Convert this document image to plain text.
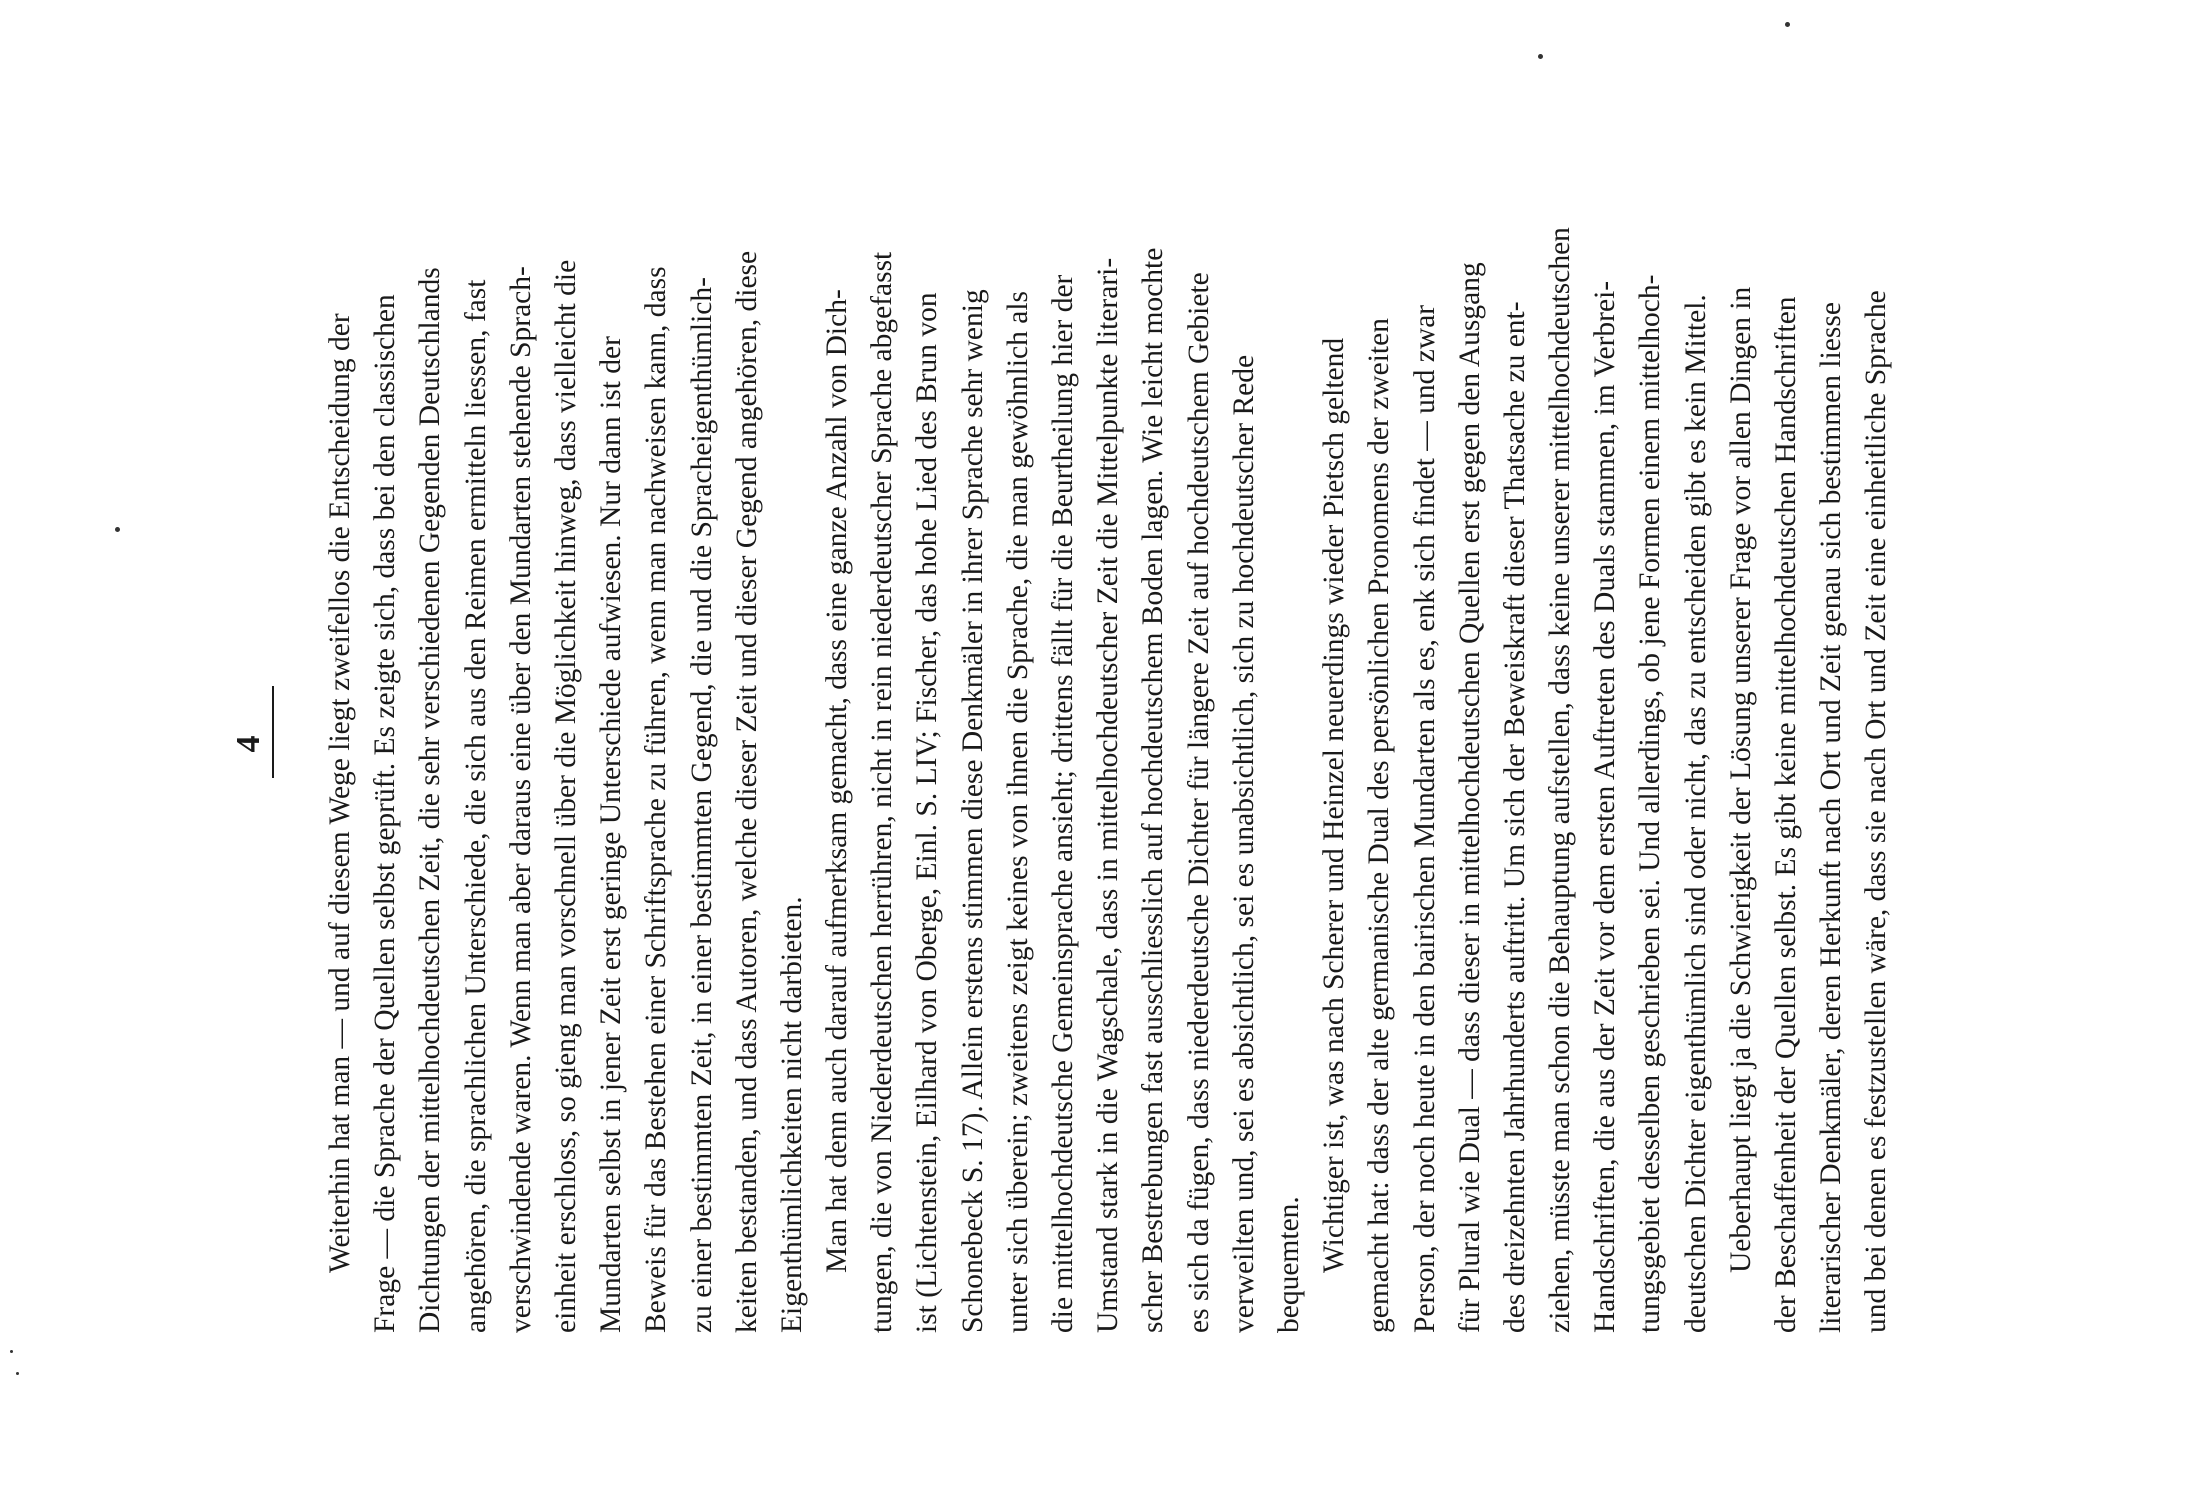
4 Weiterhin hat man — und auf diesem Wege liegt zweifellos die Entscheidung der Frage — die Sprache der Quellen selbst geprüft. Es zeigte sich, dass bei den classischen Dichtungen der mittelhochdeutschen Zeit, die sehr verschiedenen Gegenden Deutschlands angehören, die sprachlichen Unterschiede, die sich aus den Reimen ermitteln liessen, fast verschwindende waren. Wenn man aber daraus eine über den Mundarten stehende Sprach- einheit erschloss, so gieng man vorschnell über die Möglichkeit hinweg, dass vielleicht die Mundarten selbst in jener Zeit erst geringe Unterschiede aufwiesen. Nur dann ist der Beweis für das Bestehen einer Schriftsprache zu führen, wenn man nachweisen kann, dass zu einer bestimmten Zeit, in einer bestimmten Gegend, die und die Spracheigenthümlich- keiten bestanden, und dass Autoren, welche dieser Zeit und dieser Gegend angehören, diese Eigenthümlichkeiten nicht darbieten. Man hat denn auch darauf aufmerksam gemacht, dass eine ganze Anzahl von Dich- tungen, die von Niederdeutschen herrühren, nicht in rein niederdeutscher Sprache abgefasst ist (Lichtenstein, Eilhard von Oberge, Einl. S. LIV; Fischer, das hohe Lied des Brun von Schonebeck S. 17). Allein erstens stimmen diese Denkmäler in ihrer Sprache sehr wenig unter sich überein; zweitens zeigt keines von ihnen die Sprache, die man gewöhnlich als die mittelhochdeutsche Gemeinsprache ansieht; drittens fällt für die Beurtheilung hier der Umstand stark in die Wagschale, dass in mittelhochdeutscher Zeit die Mittelpunkte literari- scher Bestrebungen fast ausschliesslich auf hochdeutschem Boden lagen. Wie leicht mochte es sich da fügen, dass niederdeutsche Dichter für längere Zeit auf hochdeutschem Gebiete verweilten und, sei es absichtlich, sei es unabsichtlich, sich zu hochdeutscher Rede bequemten. Wichtiger ist, was nach Scherer und Heinzel neuerdings wieder Pietsch geltend gemacht hat: dass der alte germanische Dual des persönlichen Pronomens der zweiten Person, der noch heute in den bairischen Mundarten als es, enk sich findet — und zwar für Plural wie Dual — dass dieser in mittelhochdeutschen Quellen erst gegen den Ausgang des dreizehnten Jahrhunderts auftritt. Um sich der Beweiskraft dieser Thatsache zu ent- ziehen, müsste man schon die Behauptung aufstellen, dass keine unserer mittelhochdeutschen Handschriften, die aus der Zeit vor dem ersten Auftreten des Duals stammen, im Verbrei- tungsgebiet desselben geschrieben sei. Und allerdings, ob jene Formen einem mittelhoch- deutschen Dichter eigenthümlich sind oder nicht, das zu entscheiden gibt es kein Mittel. Ueberhaupt liegt ja die Schwierigkeit der Lösung unserer Frage vor allen Dingen in der Beschaffenheit der Quellen selbst. Es gibt keine mittelhochdeutschen Handschriften literarischer Denkmäler, deren Herkunft nach Ort und Zeit genau sich bestimmen liesse und bei denen es festzustellen wäre, dass sie nach Ort und Zeit eine einheitliche Sprache
